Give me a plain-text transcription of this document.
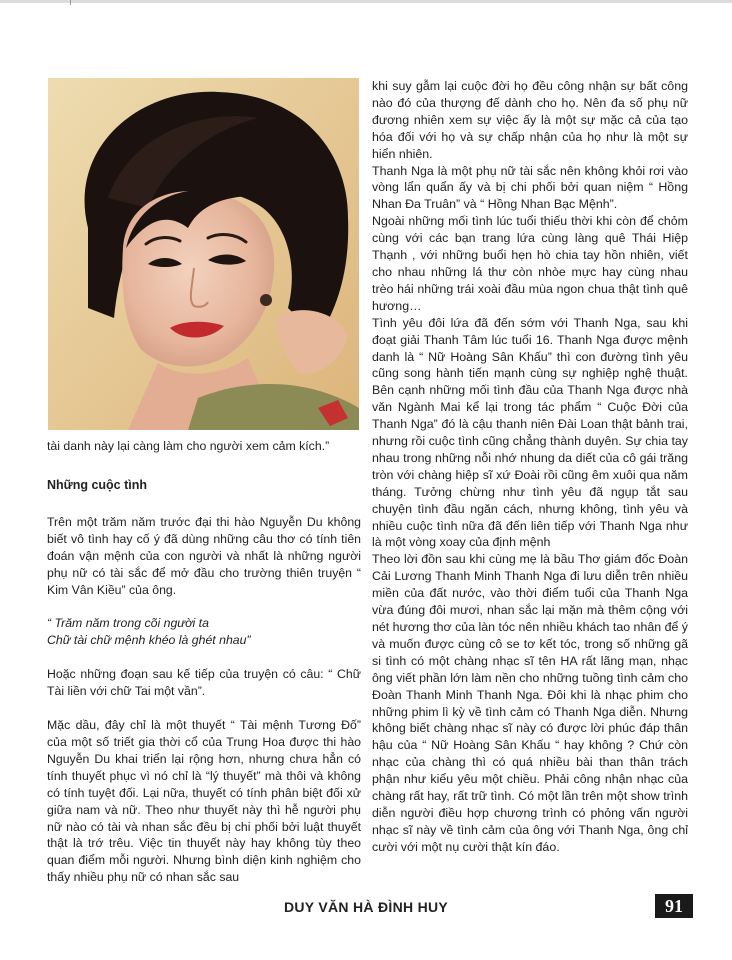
tài danh này lại càng làm cho người xem cảm kích.”

Những cuộc tình

Trên một trăm năm trước đại thi hào Nguyễn Du không biết vô tình hay cố ý đã dùng những câu thơ có tính tiên đoán vận mệnh của con người và nhất là những người phụ nữ có tài sắc để mở đầu cho trường thiên truyện “ Kim Vân Kiều” của ông.

“ Trăm năm trong cõi người ta

Chữ tài chữ mệnh khéo là ghét nhau”

Hoặc những đoạn sau kế tiếp của truyện có câu: “ Chữ Tài liền với chữ Tai một vần”.

Mặc dầu, đây chỉ là một thuyết “ Tài mệnh Tương Đố” của một số triết gia thời cổ của Trung Hoa được thi hào Nguyễn Du khai triển lại rộng hơn, nhưng chưa hẳn có tính thuyết phục vì nó chỉ là “lý thuyết” mà thôi và không có tính tuyệt đối. Lại nữa, thuyết có tính phân biệt đối xử giữa nam và nữ. Theo như thuyết này thì hễ người phụ nữ nào có tài và nhan sắc đều bị chi phối bởi luật thuyết thật là trớ trêu. Việc tin thuyết này hay không tùy theo quan điểm mỗi người. Nhưng bình diện kinh nghiệm cho thấy nhiều phụ nữ có nhan sắc sau

khi suy gẫm lại cuộc đời họ đều công nhận sự bất công nào đó của thượng đế dành cho họ. Nên đa số phụ nữ đương nhiên xem sự việc ấy là một sự mặc cả của tạo hóa đối với họ và sự chấp nhận của họ như là một sự hiển nhiên.

Thanh Nga là một phụ nữ tài sắc nên không khỏi rơi vào vòng lẩn quẩn ấy và bị chi phối bởi quan niệm “ Hồng Nhan Đa Truân” và “ Hồng Nhan Bạc Mệnh”.

Ngoài những mối tình lúc tuổi thiếu thời khi còn để chỏm cùng với các bạn trang lứa cùng làng quê Thái Hiệp Thạnh , với những buổi hẹn hò chia tay hồn nhiên, viết cho nhau những lá thư còn nhòe mực hay cùng nhau trèo hái những trái xoài đầu mùa ngon chua thật tình quê hương…

Tình yêu đôi lứa đã đến sớm với Thanh Nga, sau khi đoạt giải Thanh Tâm lúc tuổi 16. Thanh Nga được mệnh danh là “ Nữ Hoàng Sân Khấu” thì con đường tình yêu cũng song hành tiến mạnh cùng sự nghiệp nghệ thuật. Bên cạnh những mối tình đầu của Thanh Nga được nhà văn Ngành Mai kể lại trong tác phẩm “ Cuộc Đời của Thanh Nga” đó là cậu thanh niên Đài Loan thật bảnh trai, nhưng rồi cuộc tình cũng chẳng thành duyên. Sự chia tay nhau trong những nỗi nhớ nhung da diết của cô gái trăng tròn với chàng hiệp sĩ xứ Đoài rồi cũng êm xuôi qua năm tháng. Tưởng chừng như tình yêu đã ngụp tắt sau chuyện tình đầu ngăn cách, nhưng không, tình yêu và nhiều cuộc tình nữa đã đến liên tiếp với Thanh Nga như là một vòng xoay của định mệnh

Theo lời đồn sau khi cùng mẹ là bầu Thơ giám đốc Đoàn Cải Lương Thanh Minh Thanh Nga đi lưu diễn trên nhiều miền của đất nước, vào thời điểm tuổi của Thanh Nga vừa đúng đôi mươi, nhan sắc lại mặn mà thêm cộng với nét hương thơ của làn tóc nên nhiều khách tao nhân để ý và muốn được cùng cô se tơ kết tóc, trong số những gã si tình có một chàng nhạc sĩ tên HA rất lãng mạn, nhạc ông viết phần lớn làm nền cho những tuồng tình cảm cho Đoàn Thanh Minh Thanh Nga. Đôi khi là nhạc phim cho những phim lì kỳ về tình cảm có Thanh Nga diễn. Nhưng không biết chàng nhạc sĩ này có được lời phúc đáp thân hậu của “ Nữ Hoàng Sân Khấu “ hay không ? Chứ còn nhạc của chàng thì có quá nhiều bài than thân trách phận như kiểu yêu một chiều. Phải công nhận nhạc của chàng rất hay, rất trữ tình. Có một lần trên một show trình diễn người điều hợp chương trình có phỏng vấn người nhạc sĩ này về tình cảm của ông với Thanh Nga, ông chỉ cười với một nụ cười thật kín đáo.

DUY VĂN HÀ ĐÌNH HUY	91
